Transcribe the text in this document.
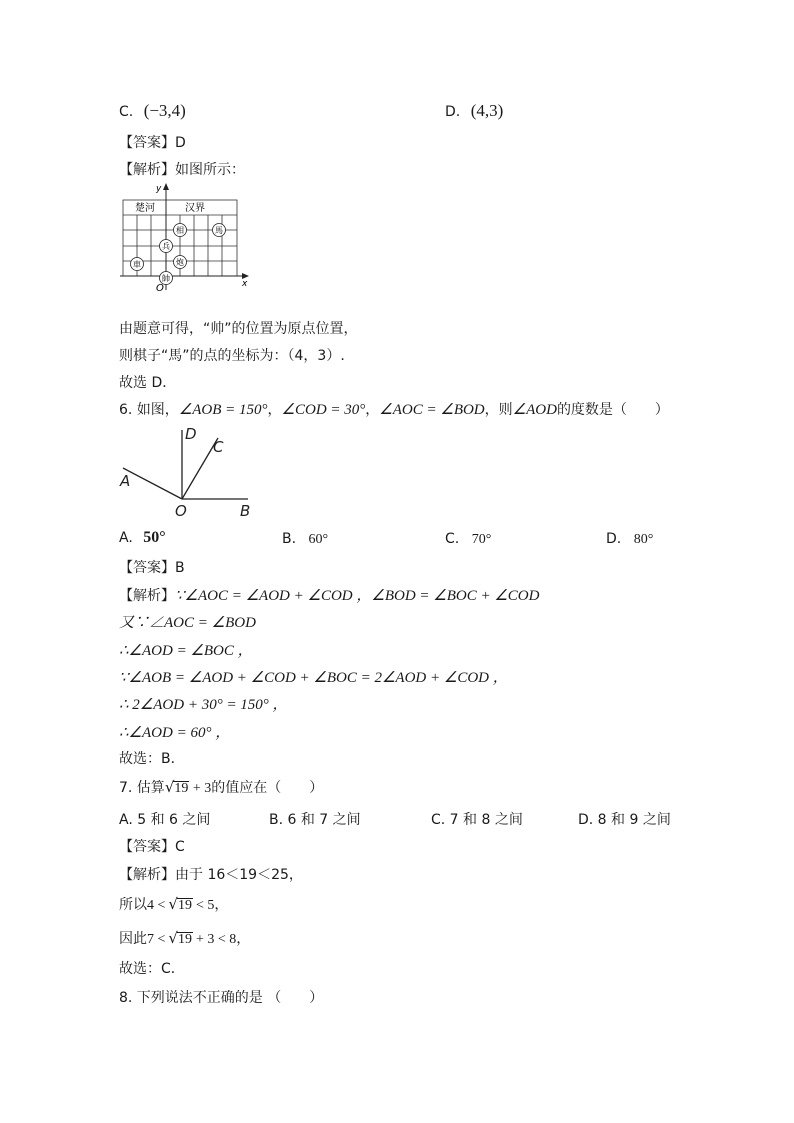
C. (−3,4)	D. (4,3)
【答案】D
【解析】如图所示：
y
x
O
楚河	汉界
相	馬
兵
車	炮
帥
由题意可得，“帅”的位置为原点位置，
则棋子“馬”的点的坐标为：（4，3）.
故选 D．
6. 如图，∠AOB = 150°，∠COD = 30°，∠AOC = ∠BOD，则∠AOD的度数是（　　）
D
C
A
O	B
A. 50°	B. 60°	C. 70°	D. 80°
【答案】B
【解析】∵∠AOC = ∠AOD + ∠COD ，∠BOD = ∠BOC + ∠COD
又∵∠AOC = ∠BOD
∴∠AOD = ∠BOC ，
∵∠AOB = ∠AOD + ∠COD + ∠BOC = 2∠AOD + ∠COD ，
∴ 2∠AOD + 30° = 150° ，
∴∠AOD = 60° ，
故选：B．
7. 估算√19 + 3的值应在（　　）
A. 5 和 6 之间	B. 6 和 7 之间	C. 7 和 8 之间	D. 8 和 9 之间
【答案】C
【解析】由于 16＜19＜25，
所以4 < √19 < 5，
因此7 < √19 + 3 < 8，
故选：C．
8. 下列说法不正确的是 （　　）
